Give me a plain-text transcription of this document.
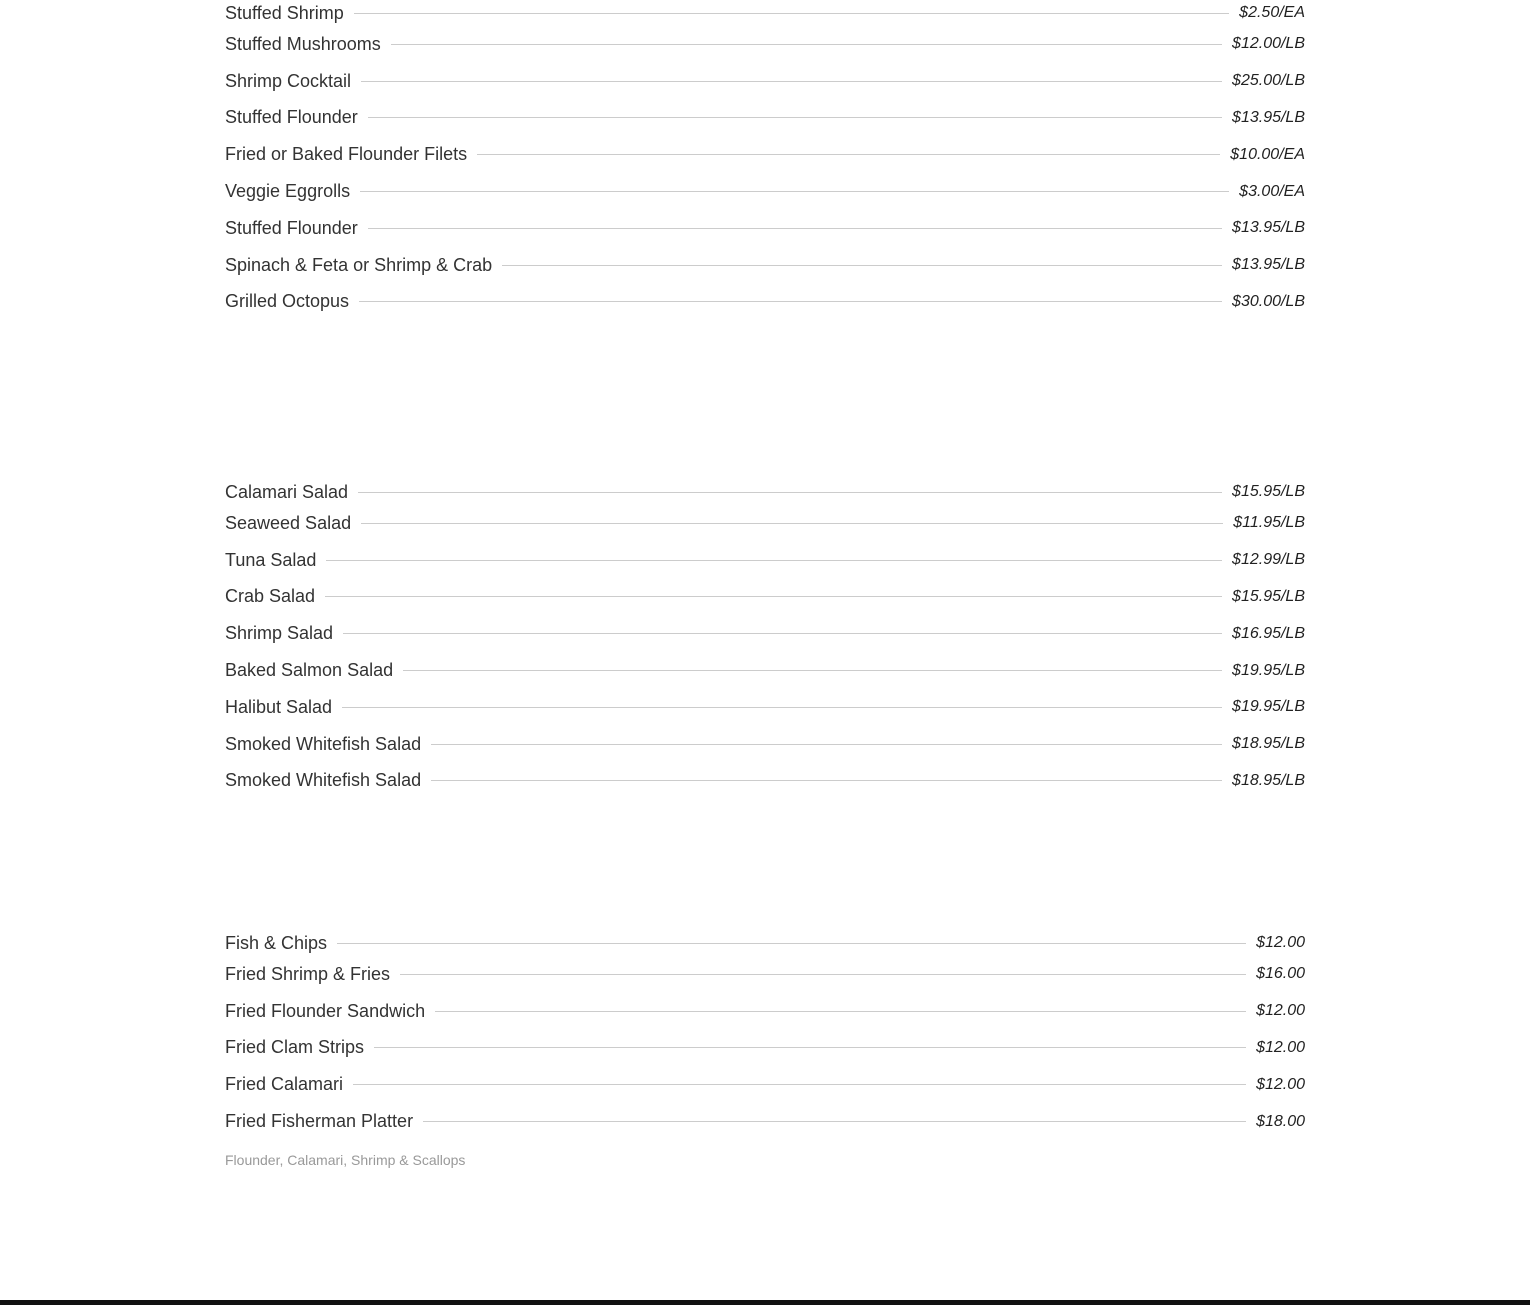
Stuffed Shrimp	$2.50/EA
Stuffed Mushrooms	$12.00/LB
Shrimp Cocktail	$25.00/LB
Stuffed Flounder	$13.95/LB
Fried or Baked Flounder Filets	$10.00/EA
Veggie Eggrolls	$3.00/EA
Stuffed Flounder	$13.95/LB
Spinach & Feta or Shrimp & Crab	$13.95/LB
Grilled Octopus	$30.00/LB
Calamari Salad	$15.95/LB
Seaweed Salad	$11.95/LB
Tuna Salad	$12.99/LB
Crab Salad	$15.95/LB
Shrimp Salad	$16.95/LB
Baked Salmon Salad	$19.95/LB
Halibut Salad	$19.95/LB
Smoked Whitefish Salad	$18.95/LB
Smoked Whitefish Salad	$18.95/LB
Fish & Chips	$12.00
Fried Shrimp & Fries	$16.00
Fried Flounder Sandwich	$12.00
Fried Clam Strips	$12.00
Fried Calamari	$12.00
Fried Fisherman Platter	$18.00
Flounder, Calamari, Shrimp & Scallops
